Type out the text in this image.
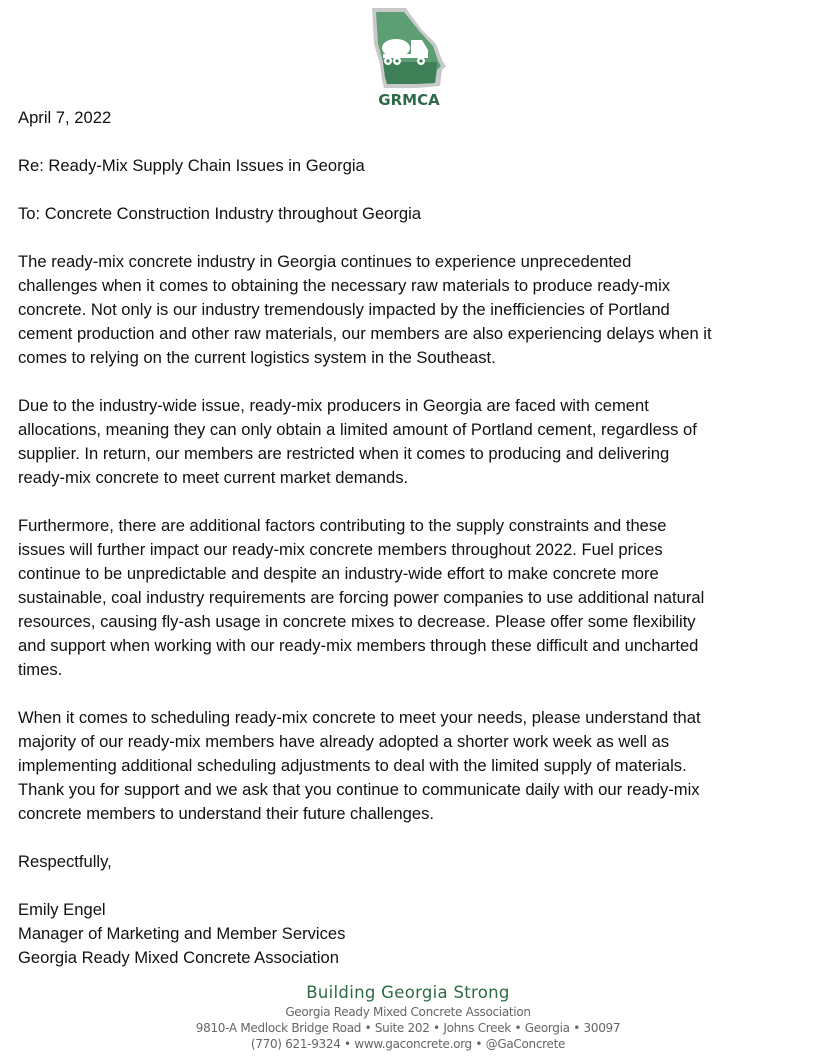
GRMCA
April 7, 2022
Re: Ready-Mix Supply Chain Issues in Georgia
To: Concrete Construction Industry throughout Georgia
The ready-mix concrete industry in Georgia continues to experience unprecedented
challenges when it comes to obtaining the necessary raw materials to produce ready-mix
concrete. Not only is our industry tremendously impacted by the inefficiencies of Portland
cement production and other raw materials, our members are also experiencing delays when it
comes to relying on the current logistics system in the Southeast.
Due to the industry-wide issue, ready-mix producers in Georgia are faced with cement
allocations, meaning they can only obtain a limited amount of Portland cement, regardless of
supplier. In return, our members are restricted when it comes to producing and delivering
ready-mix concrete to meet current market demands.
Furthermore, there are additional factors contributing to the supply constraints and these
issues will further impact our ready-mix concrete members throughout 2022. Fuel prices
continue to be unpredictable and despite an industry-wide effort to make concrete more
sustainable, coal industry requirements are forcing power companies to use additional natural
resources, causing fly-ash usage in concrete mixes to decrease. Please offer some flexibility
and support when working with our ready-mix members through these difficult and uncharted
times.
When it comes to scheduling ready-mix concrete to meet your needs, please understand that
majority of our ready-mix members have already adopted a shorter work week as well as
implementing additional scheduling adjustments to deal with the limited supply of materials.
Thank you for support and we ask that you continue to communicate daily with our ready-mix
concrete members to understand their future challenges.
Respectfully,
Emily Engel
Manager of Marketing and Member Services
Georgia Ready Mixed Concrete Association
Building Georgia Strong
Georgia Ready Mixed Concrete Association
9810-A Medlock Bridge Road • Suite 202 • Johns Creek • Georgia • 30097
(770) 621-9324 • www.gaconcrete.org • @GaConcrete
